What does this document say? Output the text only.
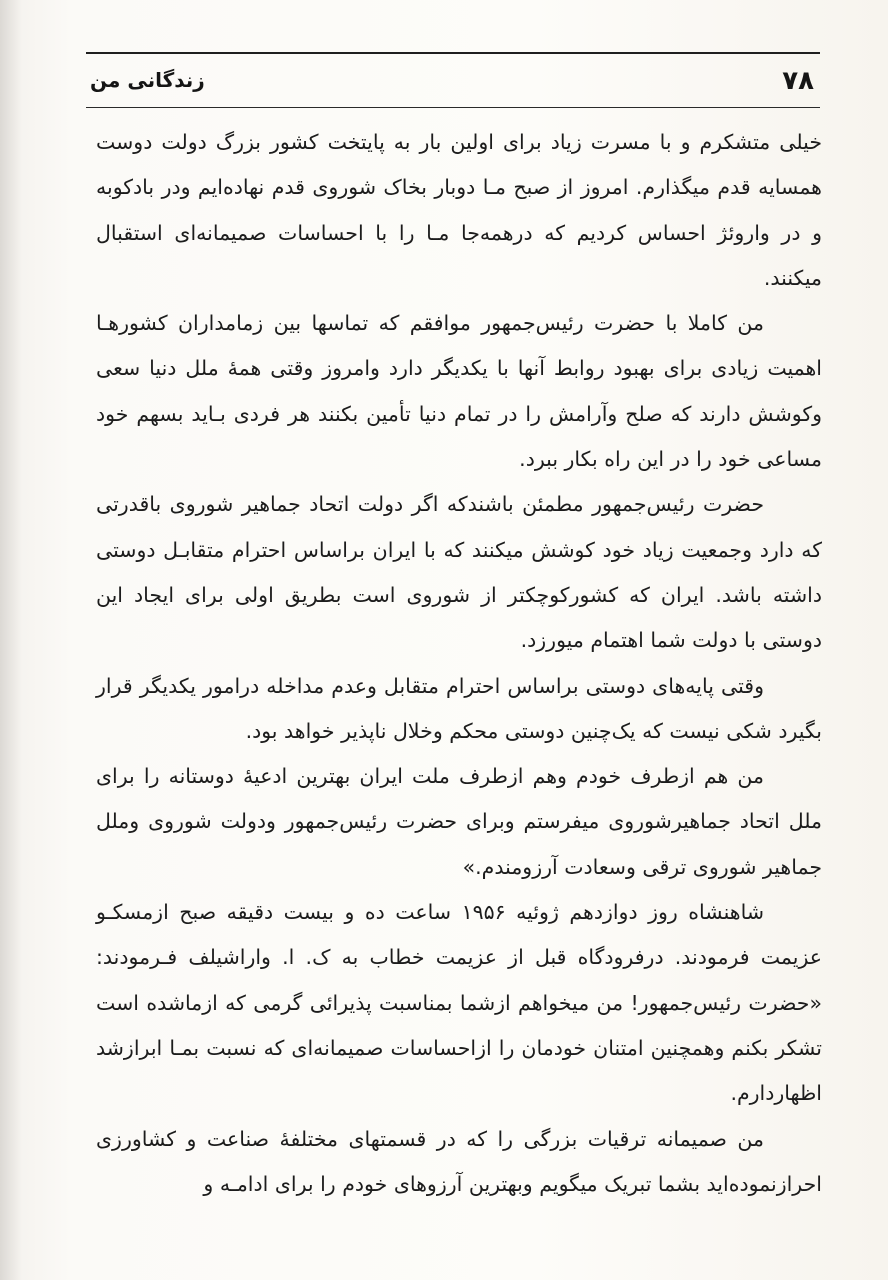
۷۸
زندگانی من

خیلی متشکرم و با مسرت زیاد برای اولین بار به پایتخت کشور بزرگ دولت دوست همسایه قدم میگذارم. امروز از صبح مـا دوبار بخاک شوروی قدم نهاده‌ایم ودر بادکوبه و در واروئژ احساس کردیم که درهمه‌جا مـا را با احساسات صمیمانه‌ای استقبال میکنند.

من کاملا با حضرت رئیس‌جمهور موافقم که تماسها بین زمامداران کشورهـا اهمیت زیادی برای بهبود روابط آنها با یکدیگر دارد وامروز وقتی همهٔ ملل دنیا سعی وکوشش دارند که صلح وآرامش را در تمام دنیا تأمین بکنند هر فردی بـاید بسهم خود مساعی خود را در این راه بکار ببرد.

حضرت رئیس‌جمهور مطمئن باشندکه اگر دولت اتحاد جماهیر شوروی باقدرتی که دارد وجمعیت زیاد خود کوشش میکنند که با ایران براساس احترام متقابـل دوستی داشته باشد. ایران که کشورکوچکتر از شوروی است بطریق اولی برای ایجاد این دوستی با دولت شما اهتمام میورزد.

وقتی پایه‌های دوستی براساس احترام متقابل وعدم مداخله درامور یکدیگر قرار بگیرد شکی نیست که یک‌چنین دوستی محکم وخلال ناپذیر خواهد بود.

من هم ازطرف خودم وهم ازطرف ملت ایران بهترین ادعیهٔ دوستانه را برای ملل اتحاد جماهیرشوروی میفرستم وبرای حضرت رئیس‌جمهور ودولت شوروی وملل جماهیر شوروی ترقی وسعادت آرزومندم.»

شاهنشاه روز دوازدهم ژوئیه ۱۹۵۶ ساعت ده و بیست دقیقه صبح ازمسکـو عزیمت فرمودند. درفرودگاه قبل از عزیمت خطاب به ک. ا. واراشیلف فـرمودند: «حضرت رئیس‌جمهور! من میخواهم ازشما بمناسبت پذیرائی گرمی که ازماشده است تشکر بکنم وهمچنین امتنان خودمان را ازاحساسات صمیمانه‌ای که نسبت بمـا ابرازشد اظهاردارم.

من صمیمانه ترقیات بزرگی را که در قسمتهای مختلفهٔ صناعت و کشاورزی احرازنموده‌اید بشما تبریک میگویم وبهترین آرزوهای خودم را برای ادامـه و
